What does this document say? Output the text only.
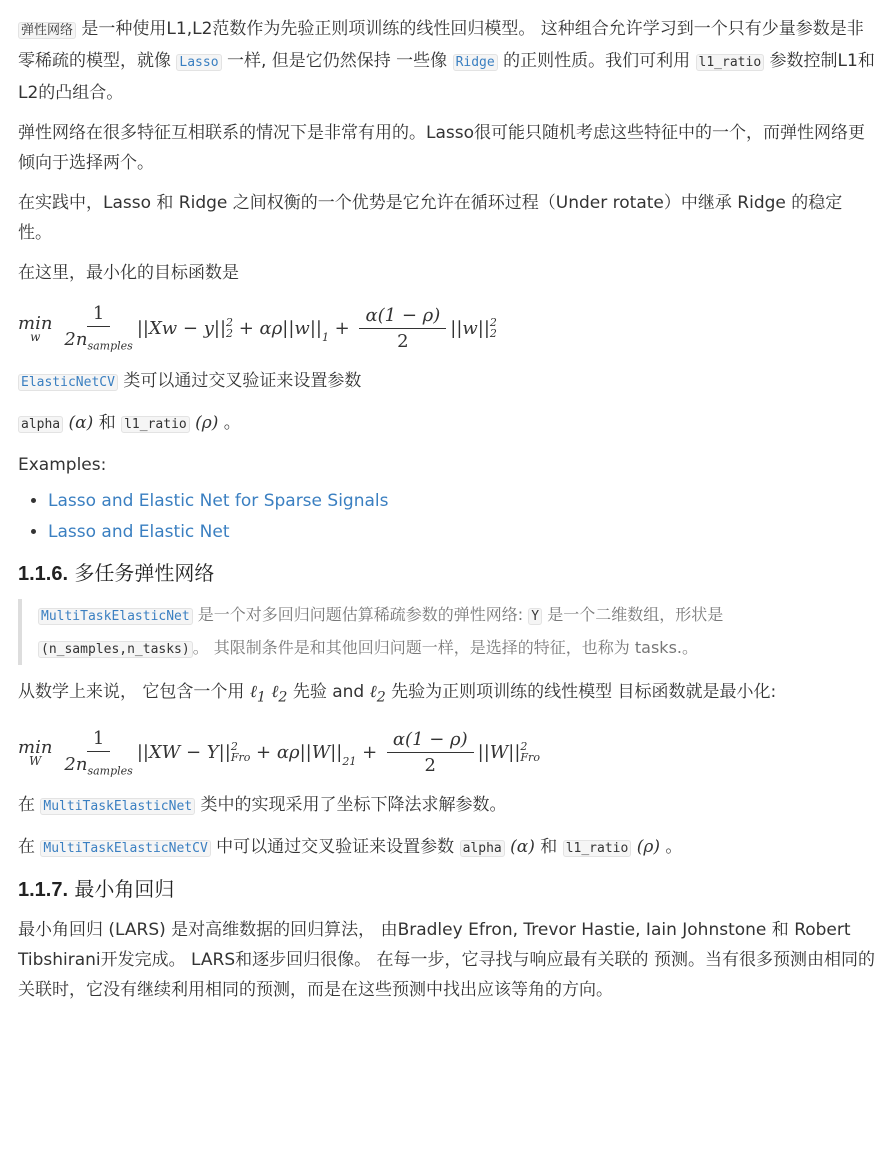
弹性网络 是一种使用L1,L2范数作为先验正则项训练的线性回归模型。 这种组合允许学习到一个只有少量参数是非零稀疏的模型，就像 Lasso 一样, 但是它仍然保持 一些像 Ridge 的正则性质。我们可利用 l1_ratio 参数控制L1和L2的凸组合。

弹性网络在很多特征互相联系的情况下是非常有用的。Lasso很可能只随机考虑这些特征中的一个，而弹性网络更倾向于选择两个。

在实践中，Lasso 和 Ridge 之间权衡的一个优势是它允许在循环过程（Under rotate）中继承 Ridge 的稳定性。

在这里，最小化的目标函数是

min
w $\frac{1}{2n_{samples}} ||Xw - y||$ 2
$2 + \alpha\rho||w||_1 + \frac{\alpha(1 - \rho)}{2} ||w||$ 2
2

ElasticNetCV 类可以通过交叉验证来设置参数

alpha (α) 和 l1_ratio (ρ) 。

Examples:

• Lasso and Elastic Net for Sparse Signals
• Lasso and Elastic Net
1.1.6. 多任务弹性网络

MultiTaskElasticNet 是一个对多回归问题估算稀疏参数的弹性网络: Y 是一个二维数组，形状是 (n_samples,n_tasks) 。 其限制条件是和其他回归问题一样，是选择的特征，也称为 tasks.。

从数学上来说， 它包含一个用 ℓ$_1$ ℓ$_2$ 先验 and ℓ$_2$ 先验为正则项训练的线性模型 目标函数就是最小化:

min
W $\frac{1}{2n_{samples}} ||XW - Y||$ 2
Fro + $\alpha\rho||W||_{21} + \frac{\alpha(1 - \rho)}{2} ||W||$ 2
Fro

在 MultiTaskElasticNet 类中的实现采用了坐标下降法求解参数。

在 MultiTaskElasticNetCV 中可以通过交叉验证来设置参数 alpha (α) 和 l1_ratio (ρ) 。

1.1.7. 最小角回归

最小角回归 (LARS) 是对高维数据的回归算法， 由Bradley Efron, Trevor Hastie, Iain Johnstone 和 Robert Tibshirani开发完成。 LARS和逐步回归很像。 在每一步，它寻找与响应最有关联的 预测。当有很多预测由相同的关联时，它没有继续利用相同的预测，而是在这些预测中找出应该等角的方向。
